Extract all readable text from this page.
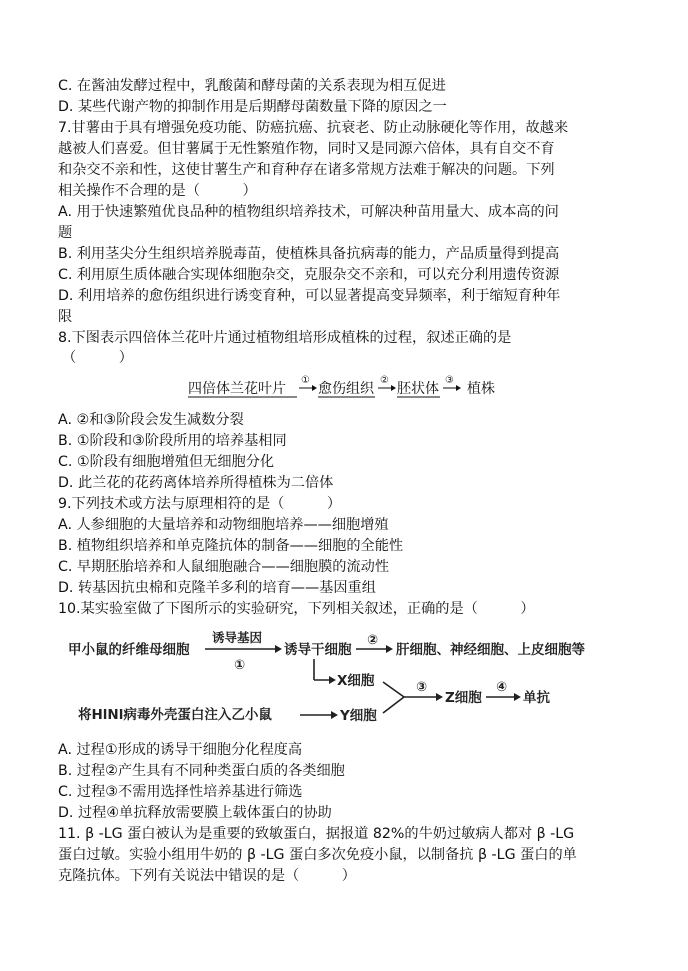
C. 在酱油发酵过程中，乳酸菌和酵母菌的关系表现为相互促进
D. 某些代谢产物的抑制作用是后期酵母菌数量下降的原因之一
7.甘薯由于具有增强免疫功能、防癌抗癌、抗衰老、防止动脉硬化等作用，故越来
越被人们喜爱。但甘薯属于无性繁殖作物，同时又是同源六倍体，具有自交不育
和杂交不亲和性，这使甘薯生产和育种存在诸多常规方法难于解决的问题。下列
相关操作不合理的是（　　　）
A. 用于快速繁殖优良品种的植物组织培养技术，可解决种苗用量大、成本高的问
题
B. 利用茎尖分生组织培养脱毒苗，使植株具备抗病毒的能力，产品质量得到提高
C. 利用原生质体融合实现体细胞杂交，克服杂交不亲和，可以充分利用遗传资源
D. 利用培养的愈伤组织进行诱变育种，可以显著提高变异频率，利于缩短育种年
限
8.下图表示四倍体兰花叶片通过植物组培形成植株的过程，叙述正确的是
（　　　）
四倍体兰花叶片
①
愈伤组织
②
胚状体
③
植株
A. ②和③阶段会发生减数分裂
B. ①阶段和③阶段所用的培养基相同
C. ①阶段有细胞增殖但无细胞分化
D. 此兰花的花药离体培养所得植株为二倍体
9.下列技术或方法与原理相符的是（　　　）
A. 人参细胞的大量培养和动物细胞培养——细胞增殖
B. 植物组织培养和单克隆抗体的制备——细胞的全能性
C. 早期胚胎培养和人鼠细胞融合——细胞膜的流动性
D. 转基因抗虫棉和克隆羊多利的培育——基因重组
10.某实验室做了下图所示的实验研究，下列相关叙述，正确的是（　　　）
甲小鼠的纤维母细胞
诱导基因
①
诱导干细胞
②
肝细胞、神经细胞、上皮细胞等
X细胞
将HlNl病毒外壳蛋白注入乙小鼠	Y细胞
③
Z细胞
④
单抗
A. 过程①形成的诱导干细胞分化程度高
B. 过程②产生具有不同种类蛋白质的各类细胞
C. 过程③不需用选择性培养基进行筛选
D. 过程④单抗释放需要膜上载体蛋白的协助
11. β -LG 蛋白被认为是重要的致敏蛋白，据报道 82%的牛奶过敏病人都对 β -LG
蛋白过敏。实验小组用牛奶的 β -LG 蛋白多次免疫小鼠，以制备抗 β -LG 蛋白的单
克隆抗体。下列有关说法中错误的是（　　　）
